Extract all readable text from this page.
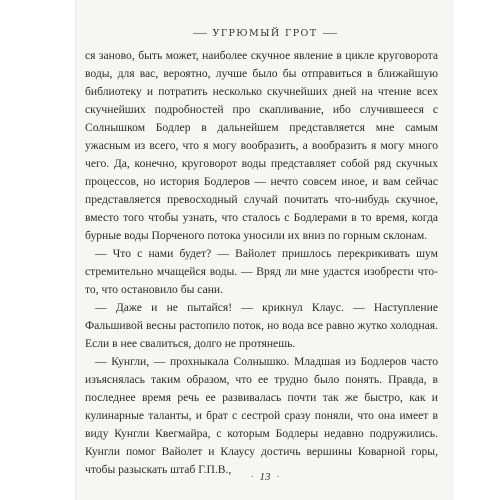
УГРЮМЫЙ ГРОТ

ся заново, быть может, наиболее скучное явление в цикле круговорота воды, для вас, вероятно, лучше было бы отправиться в ближайшую библиотеку и потратить несколько скучнейших дней на чтение всех скучнейших подробностей про скапливание, ибо случившееся с Солнышком Бодлер в дальнейшем представляется мне самым ужасным из всего, что я могу вообразить, а вообразить я могу много чего. Да, конечно, круговорот воды представляет собой ряд скучных процессов, но история Бодлеров — нечто совсем иное, и вам сейчас представляется превосходный случай почитать что-нибудь скучное, вместо того чтобы узнать, что сталось с Бодлерами в то время, когда бурные воды Порченого потока уносили их вниз по горным склонам.

— Что с нами будет? — Вайолет пришлось перекрикивать шум стремительно мчащейся воды. — Вряд ли мне удастся изобрести что-то, что остановило бы сани.

— Даже и не пытайся! — крикнул Клаус. — Наступление Фальшивой весны растопило поток, но вода все равно жутко холодная. Если в нее свалиться, долго не протянешь.

— Кунгли, — прохныкала Солнышко. Младшая из Бодлеров часто изъяснялась таким образом, что ее трудно было понять. Правда, в последнее время речь ее развивалась почти так же быстро, как и кулинарные таланты, и брат с сестрой сразу поняли, что она имеет в виду Кунгли Квегмайра, с которым Бодлеры недавно подружились. Кунгли помог Вайолет и Клаусу достичь вершины Коварной горы, чтобы разыскать штаб Г.П.В.,

· 13 ·
